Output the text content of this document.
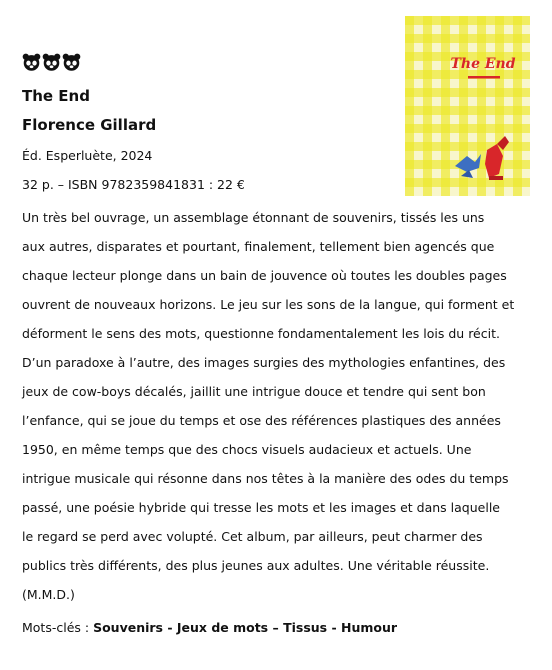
The End
Florence Gillard
Éd. Esperluète, 2024
32 p. – ISBN 9782359841831 : 22 €
The End
Un très bel ouvrage, un assemblage étonnant de souvenirs, tissés les uns
aux autres, disparates et pourtant, finalement, tellement bien agencés que
chaque lecteur plonge dans un bain de jouvence où toutes les doubles pages
ouvrent de nouveaux horizons. Le jeu sur les sons de la langue, qui forment et
déforment le sens des mots, questionne fondamentalement les lois du récit.
D’un paradoxe à l’autre, des images surgies des mythologies enfantines, des
jeux de cow-boys décalés, jaillit une intrigue douce et tendre qui sent bon
l’enfance, qui se joue du temps et ose des références plastiques des années
1950, en même temps que des chocs visuels audacieux et actuels. Une
intrigue musicale qui résonne dans nos têtes à la manière des odes du temps
passé, une poésie hybride qui tresse les mots et les images et dans laquelle
le regard se perd avec volupté. Cet album, par ailleurs, peut charmer des
publics très différents, des plus jeunes aux adultes. Une véritable réussite.
(M.M.D.)
Mots-clés : Souvenirs - Jeux de mots – Tissus - Humour
